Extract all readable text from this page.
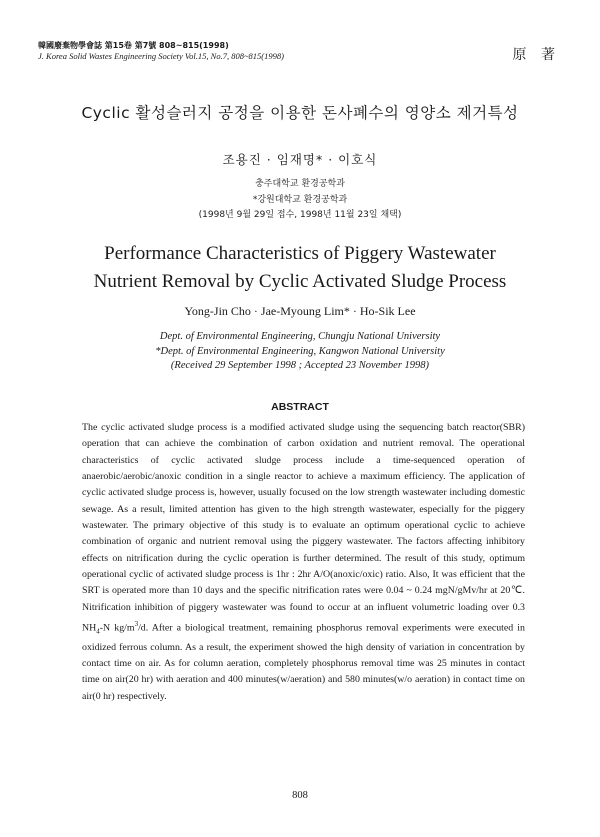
韓國廢棄物學會誌 第15卷 第7號 808~815(1998)
J. Korea Solid Wastes Engineering Society Vol.15, No.7, 808~815(1998)	原 著
Cyclic 활성슬러지 공정을 이용한 돈사폐수의 영양소 제거특성
조용진 · 임재명* · 이호식
충주대학교 환경공학과
*강원대학교 환경공학과
(1998년 9월 29일 접수, 1998년 11월 23일 채택)
Performance Characteristics of Piggery Wastewater
Nutrient Removal by Cyclic Activated Sludge Process
Yong-Jin Cho · Jae-Myoung Lim* · Ho-Sik Lee
Dept. of Environmental Engineering, Chungju National University
*Dept. of Environmental Engineering, Kangwon National University
(Received 29 September 1998 ; Accepted 23 November 1998)
ABSTRACT

The cyclic activated sludge process is a modified activated sludge using the sequencing batch reactor(SBR) operation that can achieve the combination of carbon oxidation and nutrient removal. The operational characteristics of cyclic activated sludge process include a time-sequenced operation of anaerobic/aerobic/anoxic condition in a single reactor to achieve a maximum efficiency. The application of cyclic activated sludge process is, however, usually focused on the low strength wastewater including domestic sewage. As a result, limited attention has given to the high strength wastewater, especially for the piggery wastewater. The primary objective of this study is to evaluate an optimum operational cyclic to achieve combination of organic and nutrient removal using the piggery wastewater. The factors affecting inhibitory effects on nitrification during the cyclic operation is further determined. The result of this study, optimum operational cyclic of activated sludge process is 1hr : 2hr A/O(anoxic/oxic) ratio. Also, It was efficient that the SRT is operated more than 10 days and the specific nitrification rates were 0.04 ~ 0.24 mgN/gMv/hr at 20℃. Nitrification inhibition of piggery wastewater was found to occur at an influent volumetric loading over 0.3 $NH_4-N$ $kg/m^3/d$. After a biological treatment, remaining phosphorus removal experiments were executed in oxidized ferrous column. As a result, the experiment showed the high density of variation in concentration by contact time on air. As for column aeration, completely phosphorus removal time was 25 minutes in contact time on air(20 hr) with aeration and 400 minutes(w/aeration) and 580 minutes(w/o aeration) in contact time on air(0 hr) respectively.

808
